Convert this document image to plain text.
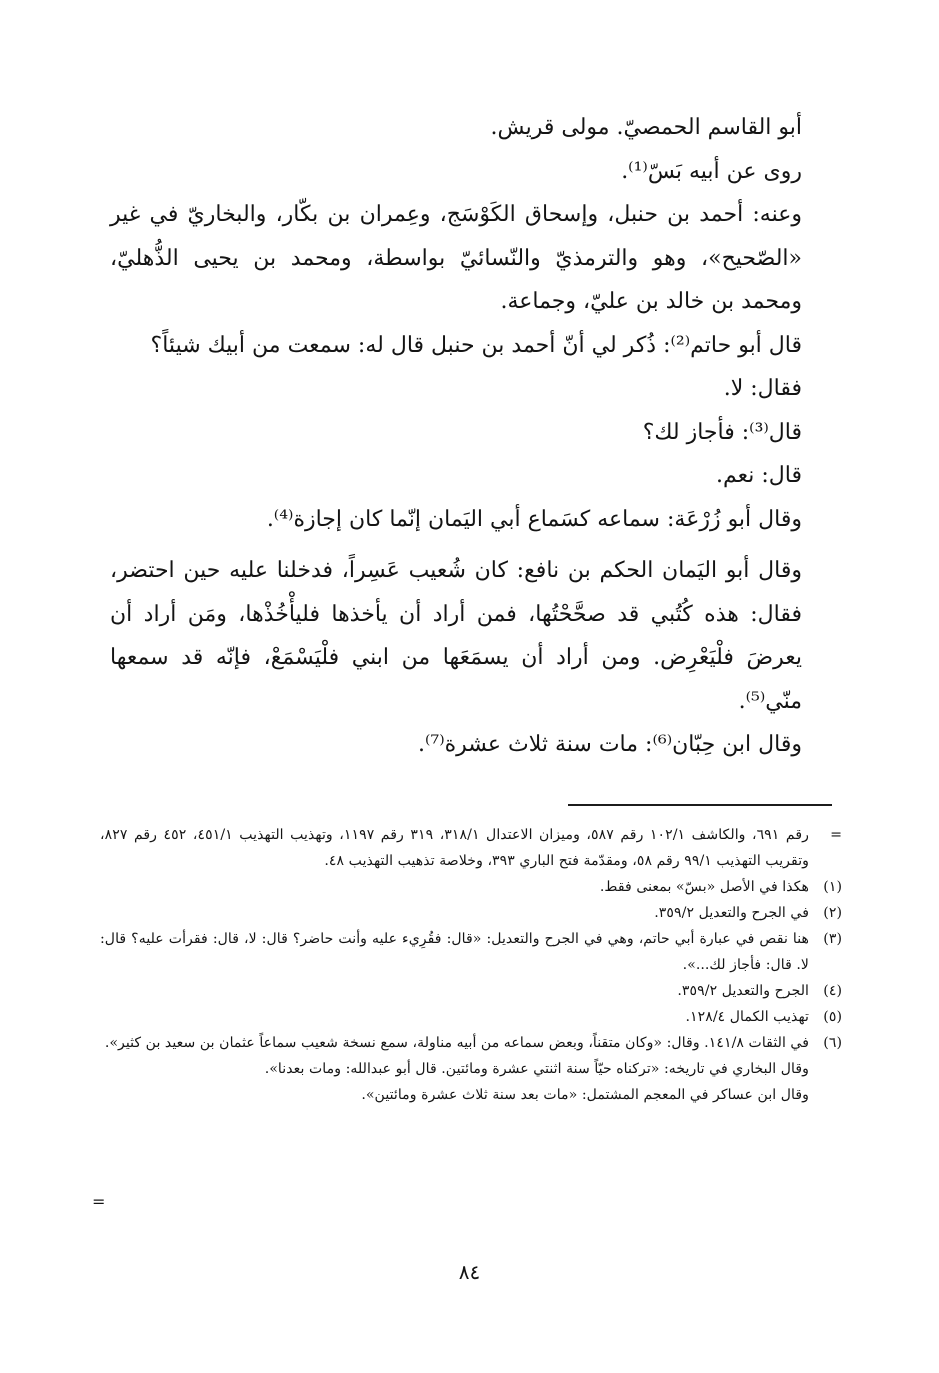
أبو القاسم الحمصيّ. مولى قريش.

روى عن أبيه بَسّ⁽¹⁾.

وعنه: أحمد بن حنبل، وإسحاق الكَوْسَج، وعِمران بن بكّار، والبخاريّ في غير «الصّحيح»، وهو والترمذيّ والنّسائيّ بواسطة، ومحمد بن يحيى الذُّهليّ، ومحمد بن خالد بن عليّ، وجماعة.

قال أبو حاتم⁽²⁾: ذُكر لي أنّ أحمد بن حنبل قال له: سمعت من أبيك شيئاً؟

فقال: لا.

قال⁽³⁾: فأجاز لك؟

قال: نعم.

وقال أبو زُرْعَة: سماعه كسَماع أبي اليَمان إنّما كان إجازة⁽⁴⁾.

وقال أبو اليَمان الحكم بن نافع: كان شُعيب عَسِراً، فدخلنا عليه حين احتضر، فقال: هذه كُتُبي قد صحَّحْتُها، فمن أراد أن يأخذها فليأْخُذْها، ومَن أراد أن يعرضَ فلْيَعْرِض. ومن أراد أن يسمَعَها من ابني فلْيَسْمَعْ، فإنّه قد سمعها منّي⁽⁵⁾.

وقال ابن حِبّان⁽⁶⁾: مات سنة ثلاث عشرة⁽⁷⁾.

=
رقم ٦٩١، والكاشف ١٠٢/١ رقم ٥٨٧، وميزان الاعتدال ٣١٨/١، ٣١٩ رقم ١١٩٧، وتهذيب التهذيب ٤٥١/١، ٤٥٢ رقم ٨٢٧، وتقريب التهذيب ٩٩/١ رقم ٥٨، ومقدّمة فتح الباري ٣٩٣، وخلاصة تذهيب التهذيب ٤٨.
(١)
هكذا في الأصل «بسّ» بمعنى فقط.
(٢)
في الجرح والتعديل ٣٥٩/٢.
(٣)
هنا نقص في عبارة أبي حاتم، وهي في الجرح والتعديل: «قال: فقُرِيء عليه وأنت حاضر؟ قال: لا، قال: فقرأت عليه؟ قال: لا. قال: فأجاز لك...».
(٤)
الجرح والتعديل ٣٥٩/٢.
(٥)
تهذيب الكمال ١٢٨/٤.
(٦)
في الثقات ١٤١/٨. وقال: «وكان متقناً، وبعض سماعه من أبيه مناولة، سمع نسخة شعيب سماعاً عثمان بن سعيد بن كثير».

وقال البخاري في تاريخه: «تركناه حيّاً سنة اثنتي عشرة ومائتين. قال أبو عبدالله: ومات بعدنا».

وقال ابن عساكر في المعجم المشتمل: «مات بعد سنة ثلاث عشرة ومائتين».

=
٨٤
